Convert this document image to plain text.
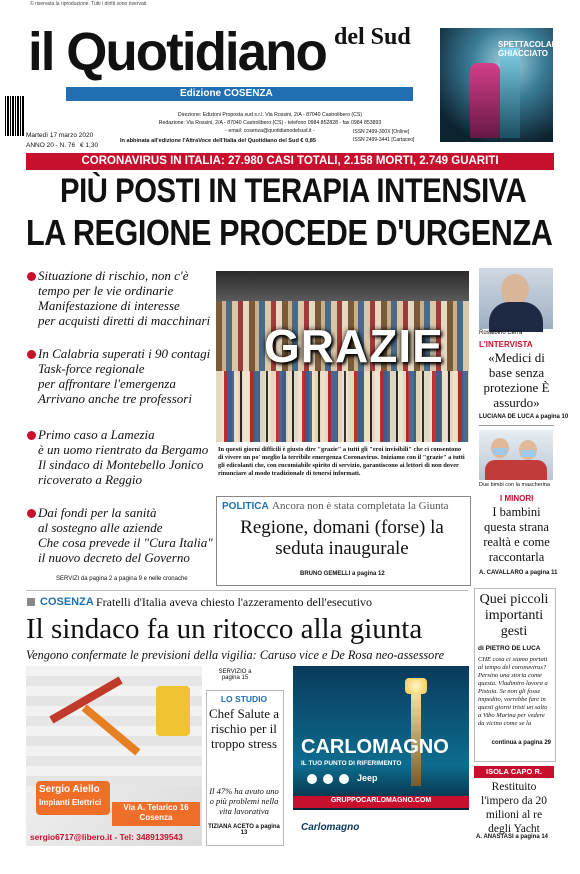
© riservata la riproduzione. Tutti i diritti sono riservati
il Quotidiano del Sud
Edizione COSENZA
SPETTACOLARE GHIACCIATO
Martedì 17 marzo 2020
ANNO 20 - N. 76 € 1,30
Direzione: Edizioni Proposta sud s.r.l. Via Rossini, 2/A - 87040 Castrolibero (CS)
Redazione: Via Rossini, 2/A - 87040 Castrolibero (CS) - telefono 0984 852828 - fax 0984 853893
- email: cosenza@quotidianodelsud.it -
In abbinata all'edizione l'AltraVoce dell'Italia del Quotidiano del Sud € 0,85
ISSN 2499-300X [Online]
ISSN 2499-3441 [Cartaceo]
CORONAVIRUS IN ITALIA: 27.980 CASI TOTALI, 2.158 MORTI, 2.749 GUARITI
PIÙ POSTI IN TERAPIA INTENSIVA
LA REGIONE PROCEDE D'URGENZA
Situazione di rischio, non c'è
tempo per le vie ordinarie
Manifestazione di interesse
per acquisti diretti di macchinari
In Calabria superati i 90 contagi
Task-force regionale
per affrontare l'emergenza
Arrivano anche tre professori
Primo caso a Lamezia
è un uomo rientrato da Bergamo
Il sindaco di Montebello Jonico
ricoverato a Reggio
Dai fondi per la sanità
al sostegno alle aziende
Che cosa prevede il "Cura Italia"
il nuovo decreto del Governo
SERVIZI da pagina 2 a pagina 9 e nelle cronache
GRAZIE
In questi giorni difficili è giusto dire "grazie" a tutti gli "eroi invisibili" che ci consentono di vivere un po' meglio la terribile emergenza Coronavirus. Iniziamo con il "grazie" a tutti gli edicolanti che, con encomiabile spirito di servizio, garantiscono ai lettori di non dover rinunciare al modo tradizionale di tenersi informati.
Rosalbino Cerra
L'INTERVISTA
«Medici di base senza protezione È assurdo»
LUCIANA DE LUCA a pagina 10
Due bimbi con la mascherina
I MINORI
I bambini questa strana realtà e come raccontarla
A. CAVALLARO a pagina 11
POLITICA Ancora non è stata completata la Giunta
Regione, domani (forse) la seduta inaugurale
BRUNO GEMELLI a pagina 12
COSENZA Fratelli d'Italia aveva chiesto l'azzeramento dell'esecutivo
Il sindaco fa un ritocco alla giunta
Vengono confermate le previsioni della vigilia: Caruso vice e De Rosa neo-assessore
SERVIZIO a pagina 15
Sergio Aiello
Impianti Elettrici
Via A. Telarico 16 Cosenza
sergio6717@libero.it - Tel: 3489139543
LO STUDIO
Chef Salute a rischio per il troppo stress
Il 47% ha avuto uno o più problemi nella vita lavorativa
TIZIANA ACETO a pagina 13
CARLOMAGNO
IL TUO PUNTO DI RIFERIMENTO
Jeep
GRUPPOCARLOMAGNO.COM
Carlomagno
Quei piccoli importanti gesti
di PIETRO DE LUCA
CHE cosa ci siamo portati al tempo del coronavirus? Persino una storia come questa. Vladimiro lavora a Pistoia. Se non gli fosse impedito, vorrebbe fare in questi giorni tristi un salto a Vibo Marina per vedere da vicino come se la
continua a pagina 29
ISOLA CAPO R.
Restituito l'impero da 20 milioni al re degli Yacht
A. ANASTASI a pagina 14
